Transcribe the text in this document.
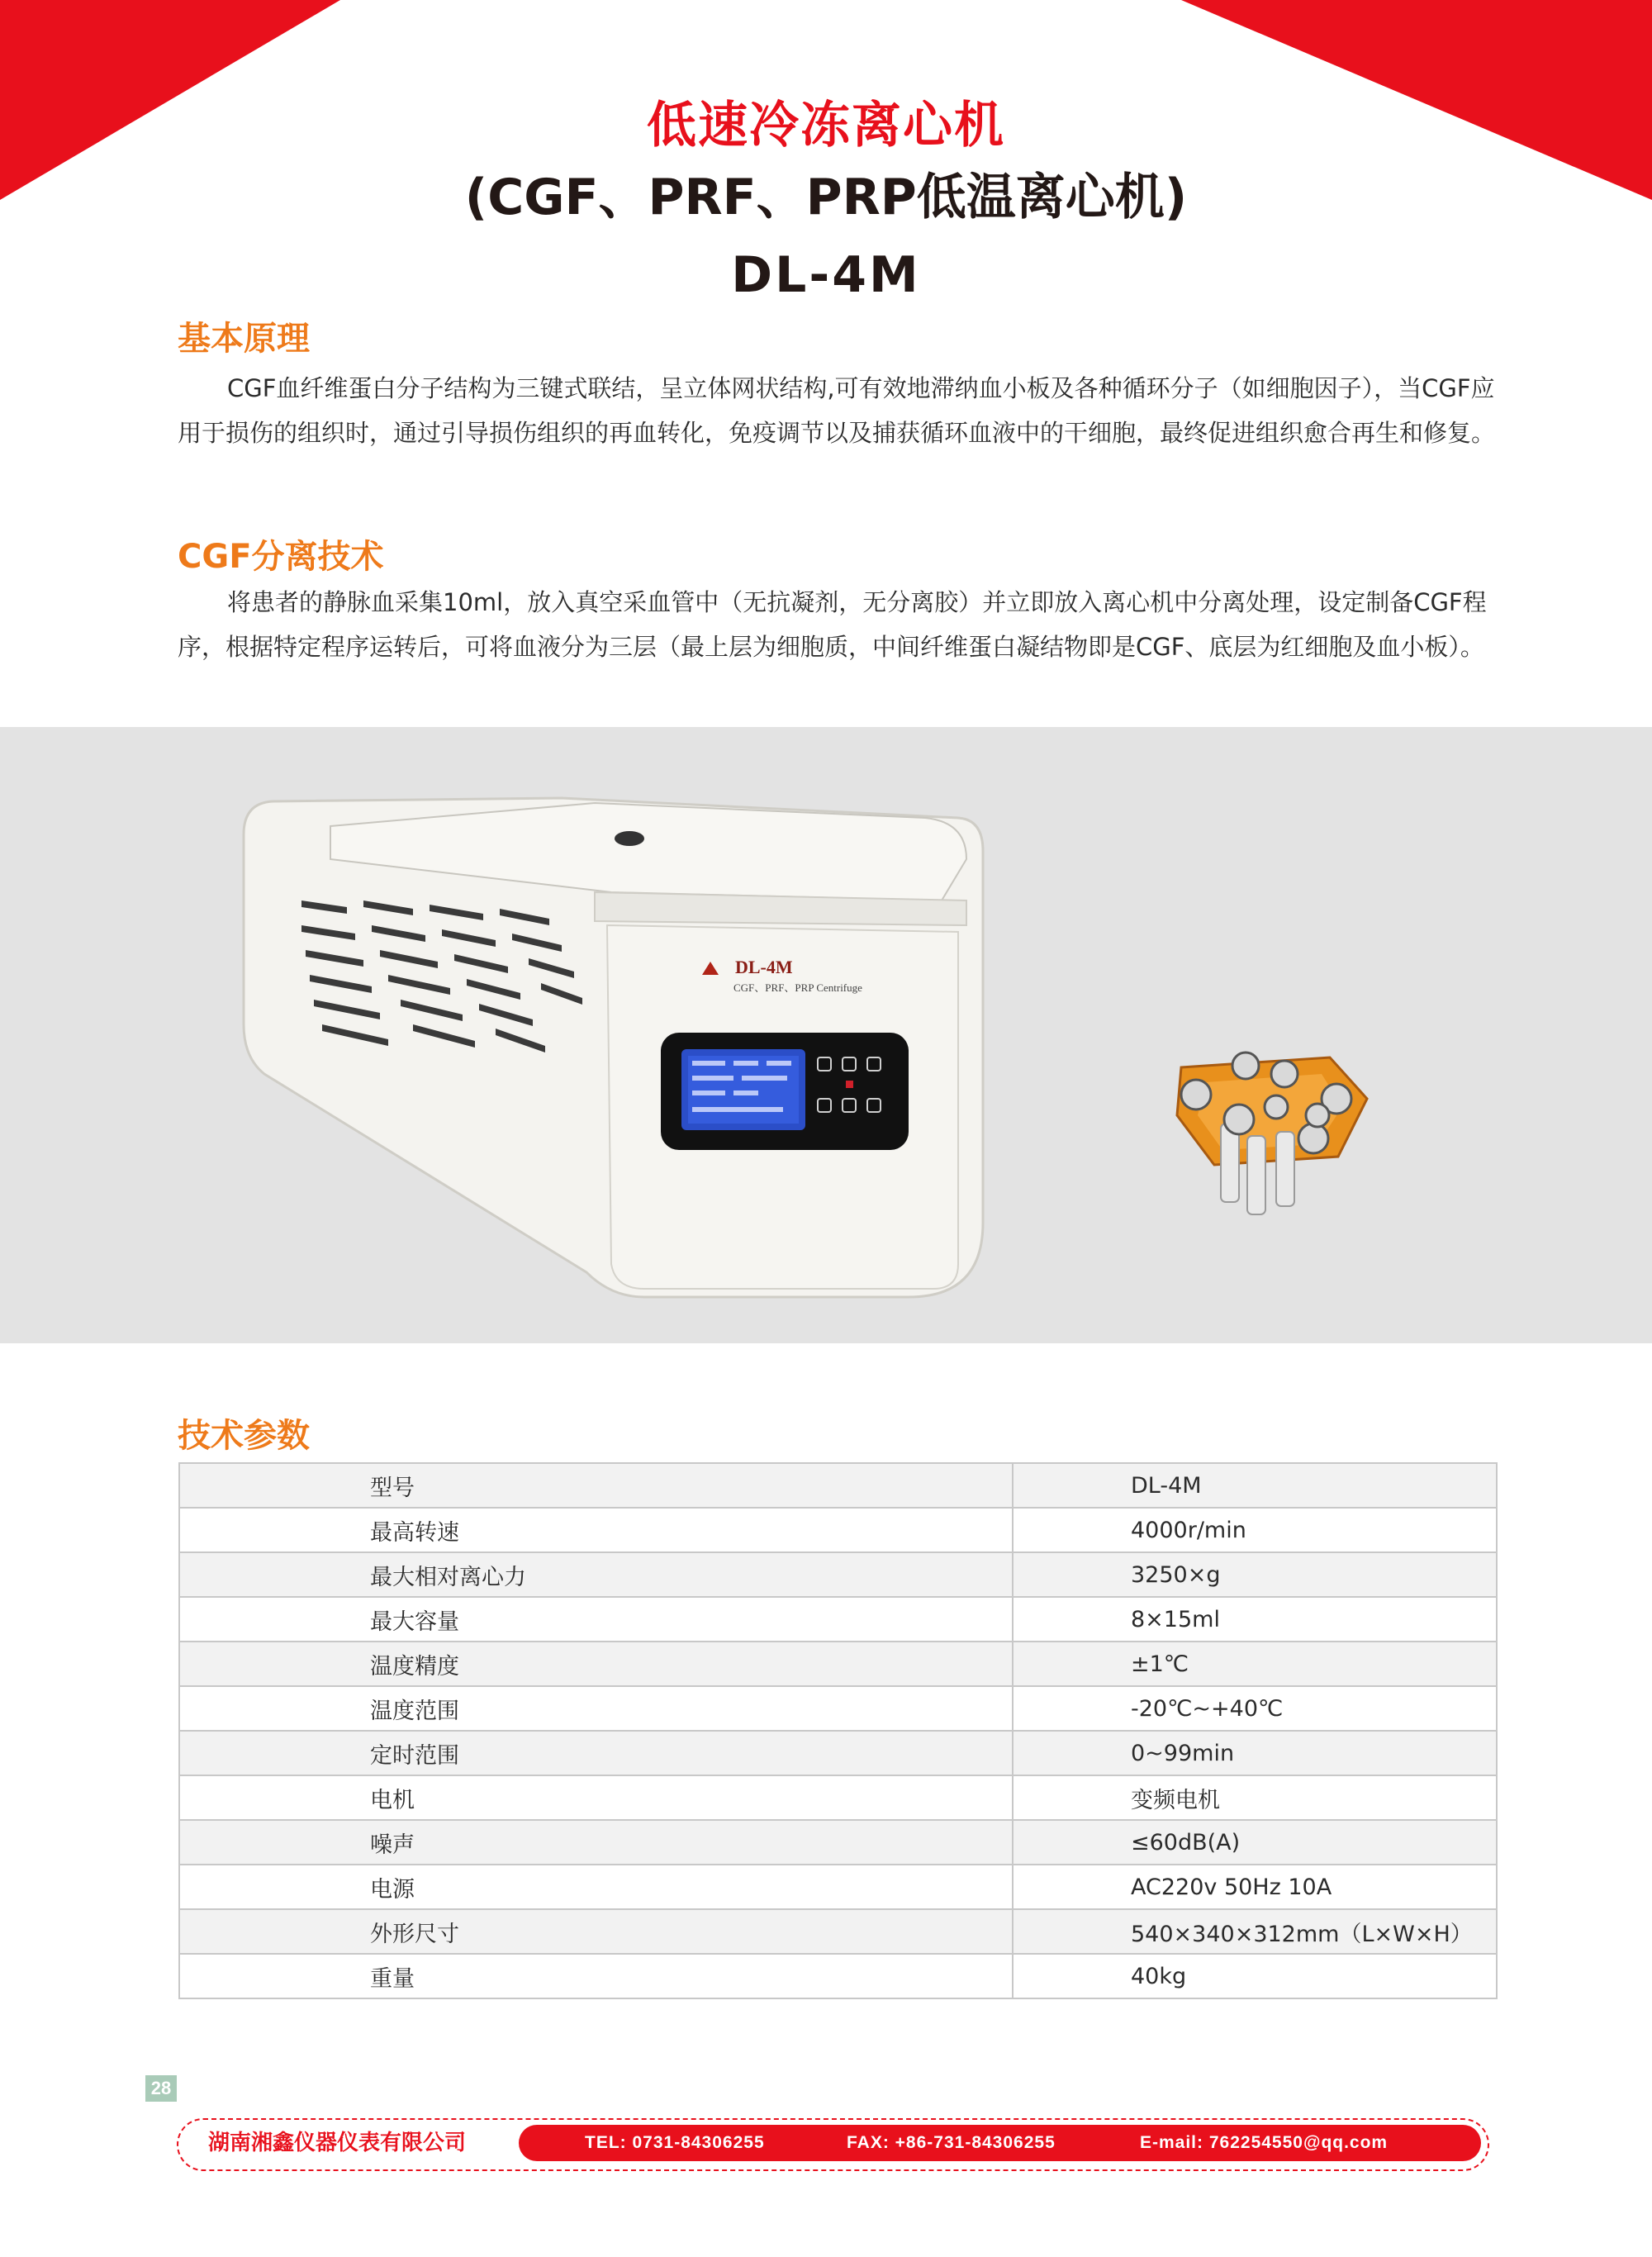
低速冷冻离心机
(CGF、PRF、PRP低温离心机)
DL-4M
基本原理

CGF血纤维蛋白分子结构为三键式联结，呈立体网状结构,可有效地滞纳血小板及各种循环分子（如细胞因子），当CGF应用于损伤的组织时，通过引导损伤组织的再血转化，免疫调节以及捕获循环血液中的干细胞，最终促进组织愈合再生和修复。

CGF分离技术

将患者的静脉血采集10ml，放入真空采血管中（无抗凝剂，无分离胶）并立即放入离心机中分离处理，设定制备CGF程序，根据特定程序运转后，可将血液分为三层（最上层为细胞质，中间纤维蛋白凝结物即是CGF、底层为红细胞及血小板）。

DL-4M
CGF、PRF、PRP Centrifuge
技术参数
型号	DL-4M
最高转速	4000r/min
最大相对离心力	3250×g
最大容量	8×15ml
温度精度	±1℃
温度范围	-20℃~+40℃
定时范围	0~99min
电机	变频电机
噪声	≤60dB(A)
电源	AC220v 50Hz 10A
外形尺寸	540×340×312mm（L×W×H）
重量	40kg
28
湖南湘鑫仪器仪表有限公司	TEL: 0731-84306255	FAX: +86-731-84306255	E-mail: 762254550@qq.com
